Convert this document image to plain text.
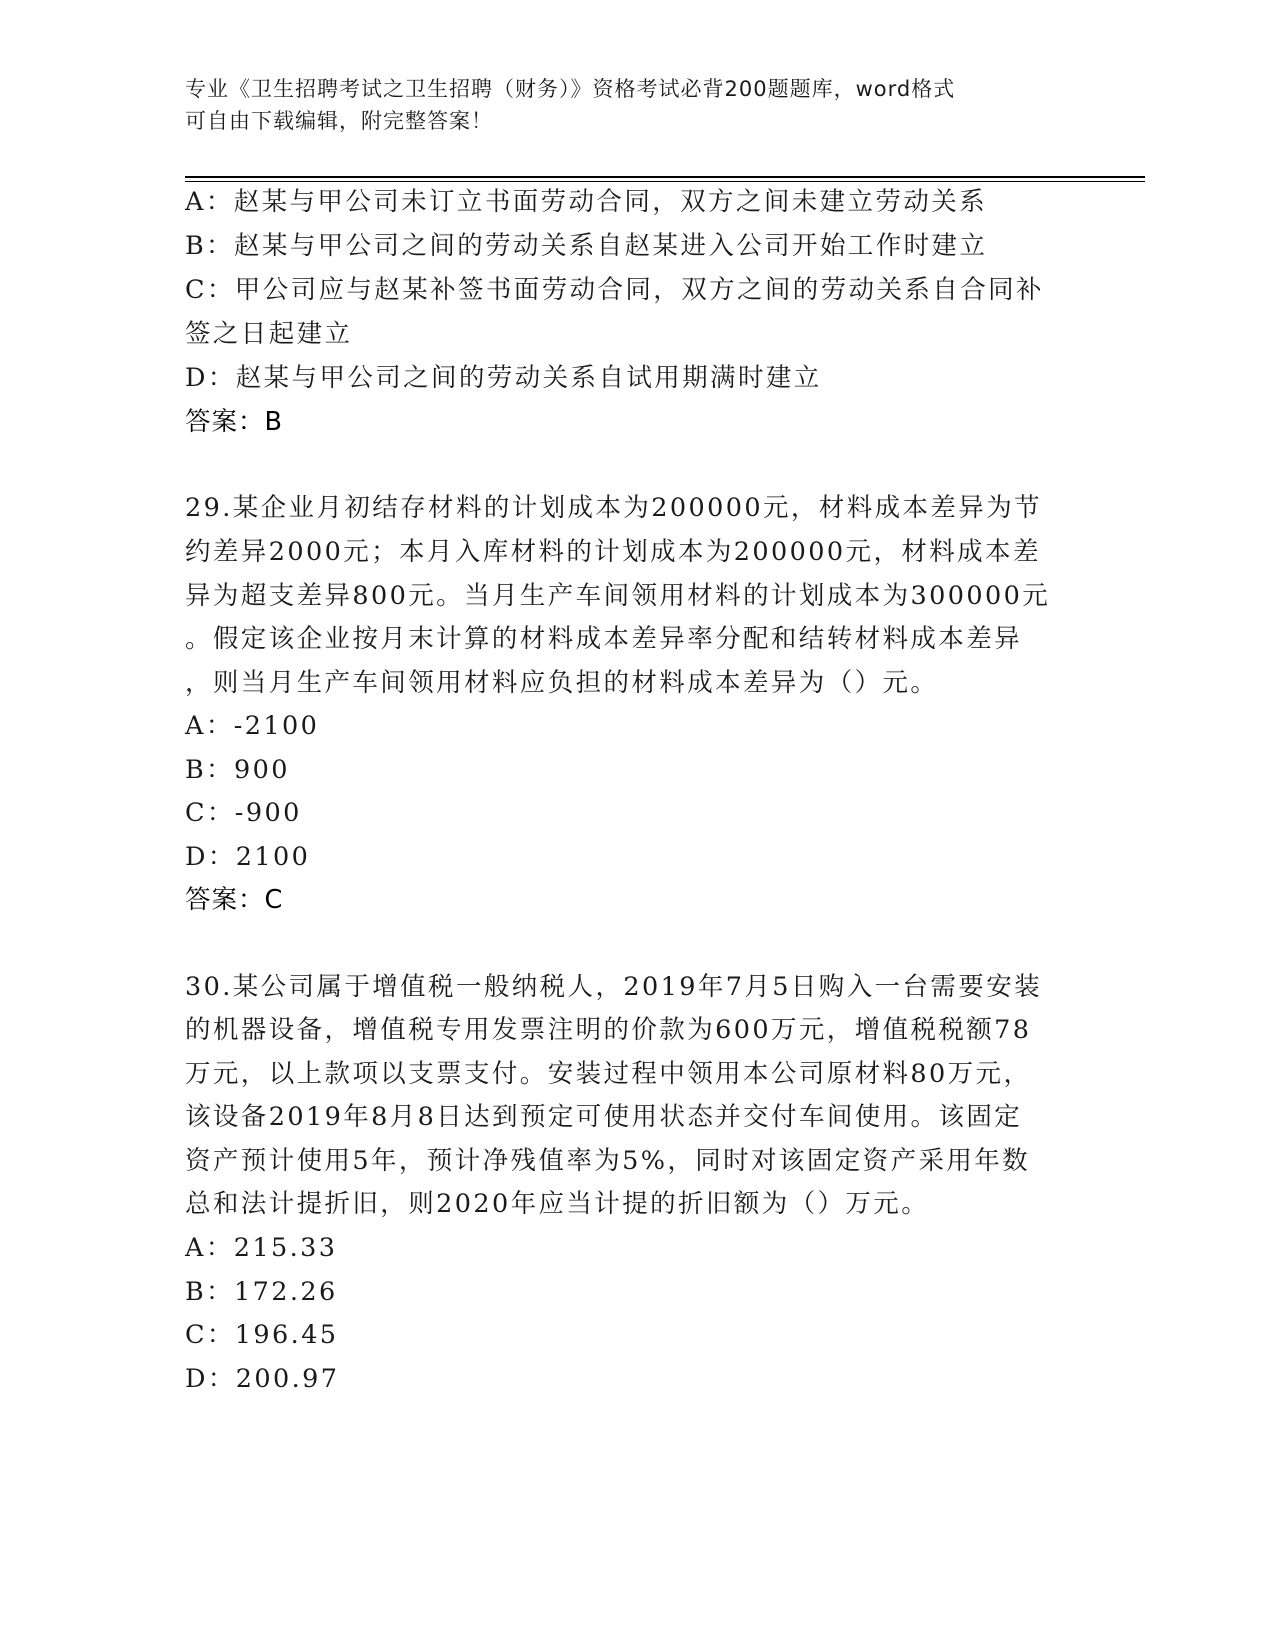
专业《卫生招聘考试之卫生招聘（财务）》资格考试必背200题题库，word格式
可自由下载编辑，附完整答案！
A：赵某与甲公司未订立书面劳动合同，双方之间未建立劳动关系
B：赵某与甲公司之间的劳动关系自赵某进入公司开始工作时建立
C：甲公司应与赵某补签书面劳动合同，双方之间的劳动关系自合同补
签之日起建立
D：赵某与甲公司之间的劳动关系自试用期满时建立
答案：B
29.某企业月初结存材料的计划成本为200000元，材料成本差异为节
约差异2000元；本月入库材料的计划成本为200000元，材料成本差
异为超支差异800元。当月生产车间领用材料的计划成本为300000元
。假定该企业按月末计算的材料成本差异率分配和结转材料成本差异
，则当月生产车间领用材料应负担的材料成本差异为（）元。
A：-2100
B：900
C：-900
D：2100
答案：C
30.某公司属于增值税一般纳税人，2019年7月5日购入一台需要安装
的机器设备，增值税专用发票注明的价款为600万元，增值税税额78
万元，以上款项以支票支付。安装过程中领用本公司原材料80万元，
该设备2019年8月8日达到预定可使用状态并交付车间使用。该固定
资产预计使用5年，预计净残值率为5%，同时对该固定资产采用年数
总和法计提折旧，则2020年应当计提的折旧额为（）万元。
A：215.33
B：172.26
C：196.45
D：200.97
